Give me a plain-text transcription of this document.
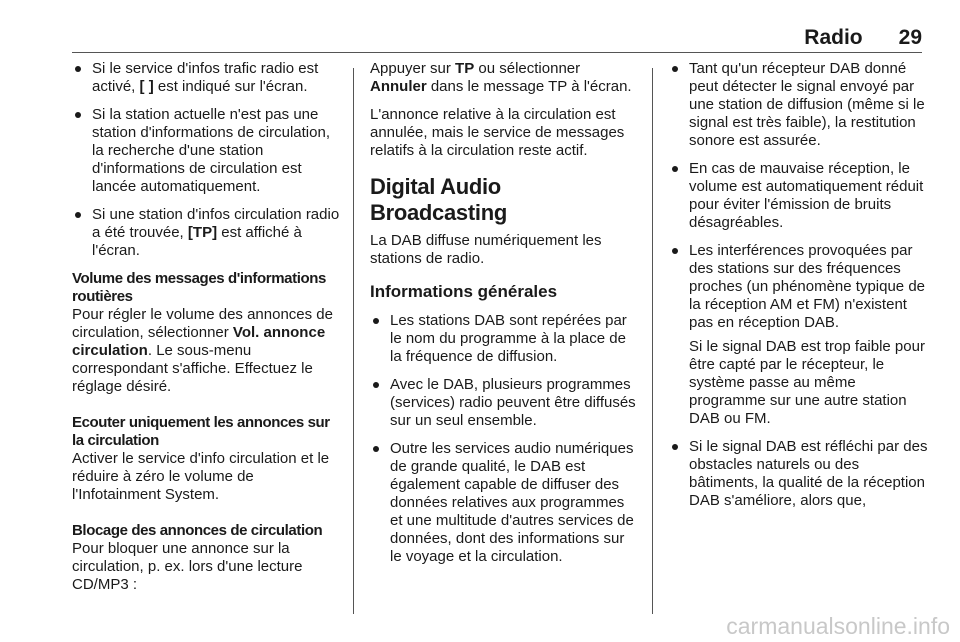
Radio 29
Si le service d'infos trafic radio est activé, [ ] est indiqué sur l'écran.
Si la station actuelle n'est pas une station d'informations de circulation, la recherche d'une station d'informations de circulation est lancée automatiquement.
Si une station d'infos circulation radio a été trouvée, [TP] est affiché à l'écran.

Volume des messages d'informations routières

Pour régler le volume des annonces de circulation, sélectionner Vol. annonce circulation. Le sous-menu correspondant s'affiche. Effectuez le réglage désiré.

Ecouter uniquement les annonces sur la circulation

Activer le service d'info circulation et le réduire à zéro le volume de l'Infotainment System.

Blocage des annonces de circulation

Pour bloquer une annonce sur la circulation, p. ex. lors d'une lecture CD/MP3 :

Appuyer sur TP ou sélectionner Annuler dans le message TP à l'écran.

L'annonce relative à la circulation est annulée, mais le service de messages relatifs à la circulation reste actif.

Digital Audio Broadcasting

La DAB diffuse numériquement les stations de radio.

Informations générales
Les stations DAB sont repérées par le nom du programme à la place de la fréquence de diffusion.
Avec le DAB, plusieurs programmes (services) radio peuvent être diffusés sur un seul ensemble.
Outre les services audio numériques de grande qualité, le DAB est également capable de diffuser des données relatives aux programmes et une multitude d'autres services de données, dont des informations sur le voyage et la circulation.
Tant qu'un récepteur DAB donné peut détecter le signal envoyé par une station de diffusion (même si le signal est très faible), la restitution sonore est assurée.
En cas de mauvaise réception, le volume est automatiquement réduit pour éviter l'émission de bruits désagréables.
Les interférences provoquées par des stations sur des fréquences proches (un phénomène typique de la réception AM et FM) n'existent pas en réception DAB.

Si le signal DAB est trop faible pour être capté par le récepteur, le système passe au même programme sur une autre station DAB ou FM.

Si le signal DAB est réfléchi par des obstacles naturels ou des bâtiments, la qualité de la réception DAB s'améliore, alors que,
carmanualsonline.info
